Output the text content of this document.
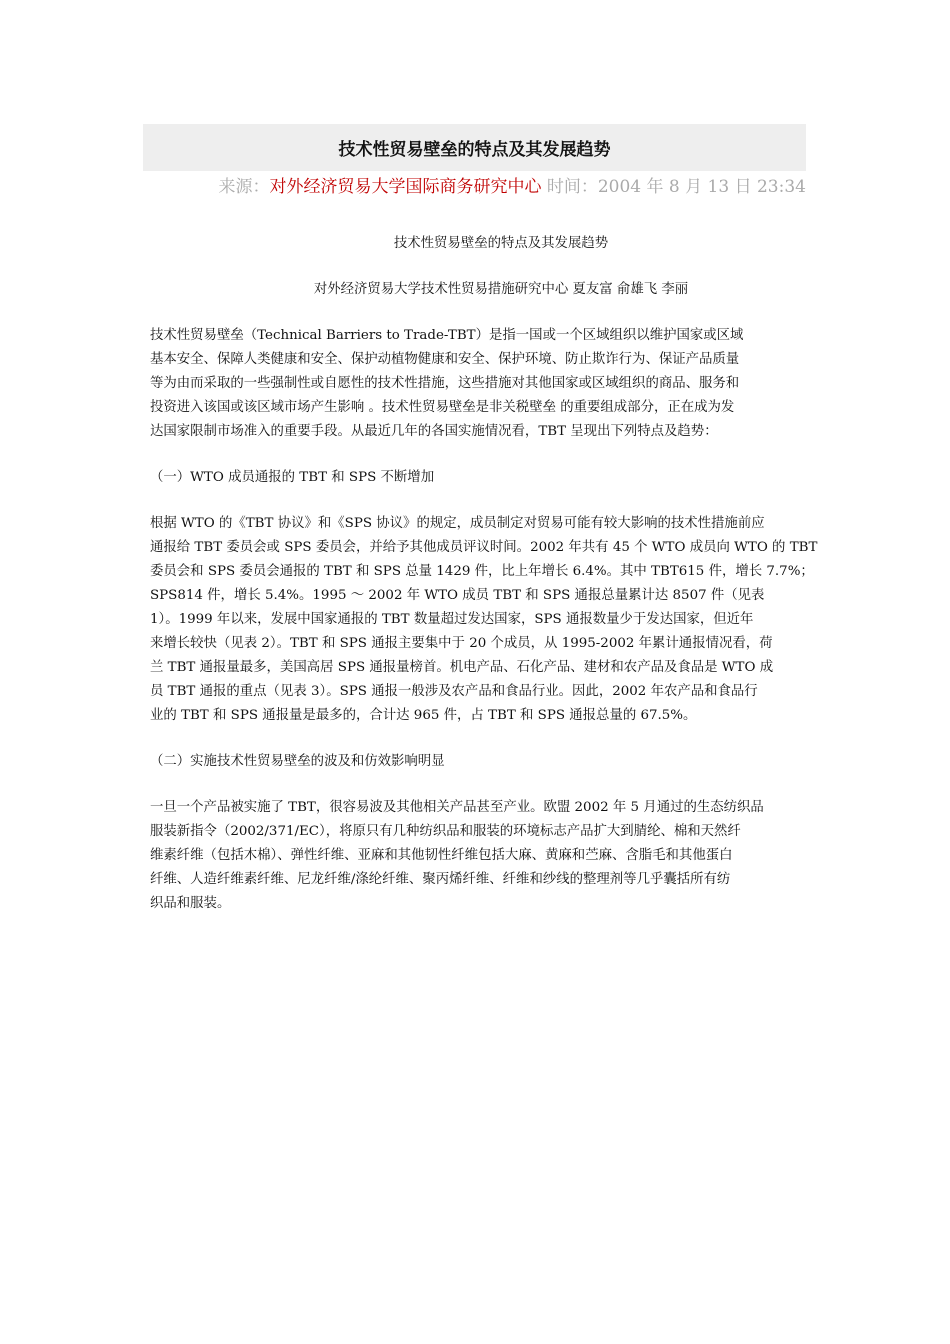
技术性贸易壁垒的特点及其发展趋势
来源：对外经济贸易大学国际商务研究中心 时间：2004 年 8 月 13 日 23:34

技术性贸易壁垒的特点及其发展趋势

对外经济贸易大学技术性贸易措施研究中心 夏友富 俞雄飞 李丽

技术性贸易壁垒（Technical Barriers to Trade-TBT）是指一国或一个区域组织以维护国家或区域
基本安全、保障人类健康和安全、保护动植物健康和安全、保护环境、防止欺诈行为、保证产品质量
等为由而采取的一些强制性或自愿性的技术性措施，这些措施对其他国家或区域组织的商品、服务和
投资进入该国或该区域市场产生影响 。技术性贸易壁垒是非关税壁垒 的重要组成部分，正在成为发
达国家限制市场准入的重要手段。从最近几年的各国实施情况看，TBT 呈现出下列特点及趋势：

（一）WTO 成员通报的 TBT 和 SPS 不断增加

根据 WTO 的《TBT 协议》和《SPS 协议》的规定，成员制定对贸易可能有较大影响的技术性措施前应
通报给 TBT 委员会或 SPS 委员会，并给予其他成员评议时间。2002 年共有 45 个 WTO 成员向 WTO 的 TBT
委员会和 SPS 委员会通报的 TBT 和 SPS 总量 1429 件，比上年增长 6.4%。其中 TBT615 件，增长 7.7%；
SPS814 件，增长 5.4%。1995 ～ 2002 年 WTO 成员 TBT 和 SPS 通报总量累计达 8507 件（见表
1）。1999 年以来，发展中国家通报的 TBT 数量超过发达国家，SPS 通报数量少于发达国家，但近年
来增长较快（见表 2）。TBT 和 SPS 通报主要集中于 20 个成员，从 1995-2002 年累计通报情况看，荷
兰 TBT 通报量最多，美国高居 SPS 通报量榜首。机电产品、石化产品、建材和农产品及食品是 WTO 成
员 TBT 通报的重点（见表 3）。SPS 通报一般涉及农产品和食品行业。因此，2002 年农产品和食品行
业的 TBT 和 SPS 通报量是最多的，合计达 965 件，占 TBT 和 SPS 通报总量的 67.5%。

（二）实施技术性贸易壁垒的波及和仿效影响明显

一旦一个产品被实施了 TBT，很容易波及其他相关产品甚至产业。欧盟 2002 年 5 月通过的生态纺织品
服装新指令（2002/371/EC），将原只有几种纺织品和服装的环境标志产品扩大到腈纶、棉和天然纤
维素纤维（包括木棉）、弹性纤维、亚麻和其他韧性纤维包括大麻、黄麻和苎麻、含脂毛和其他蛋白
纤维、人造纤维素纤维、尼龙纤维/涤纶纤维、聚丙烯纤维、纤维和纱线的整理剂等几乎囊括所有纺
织品和服装。
